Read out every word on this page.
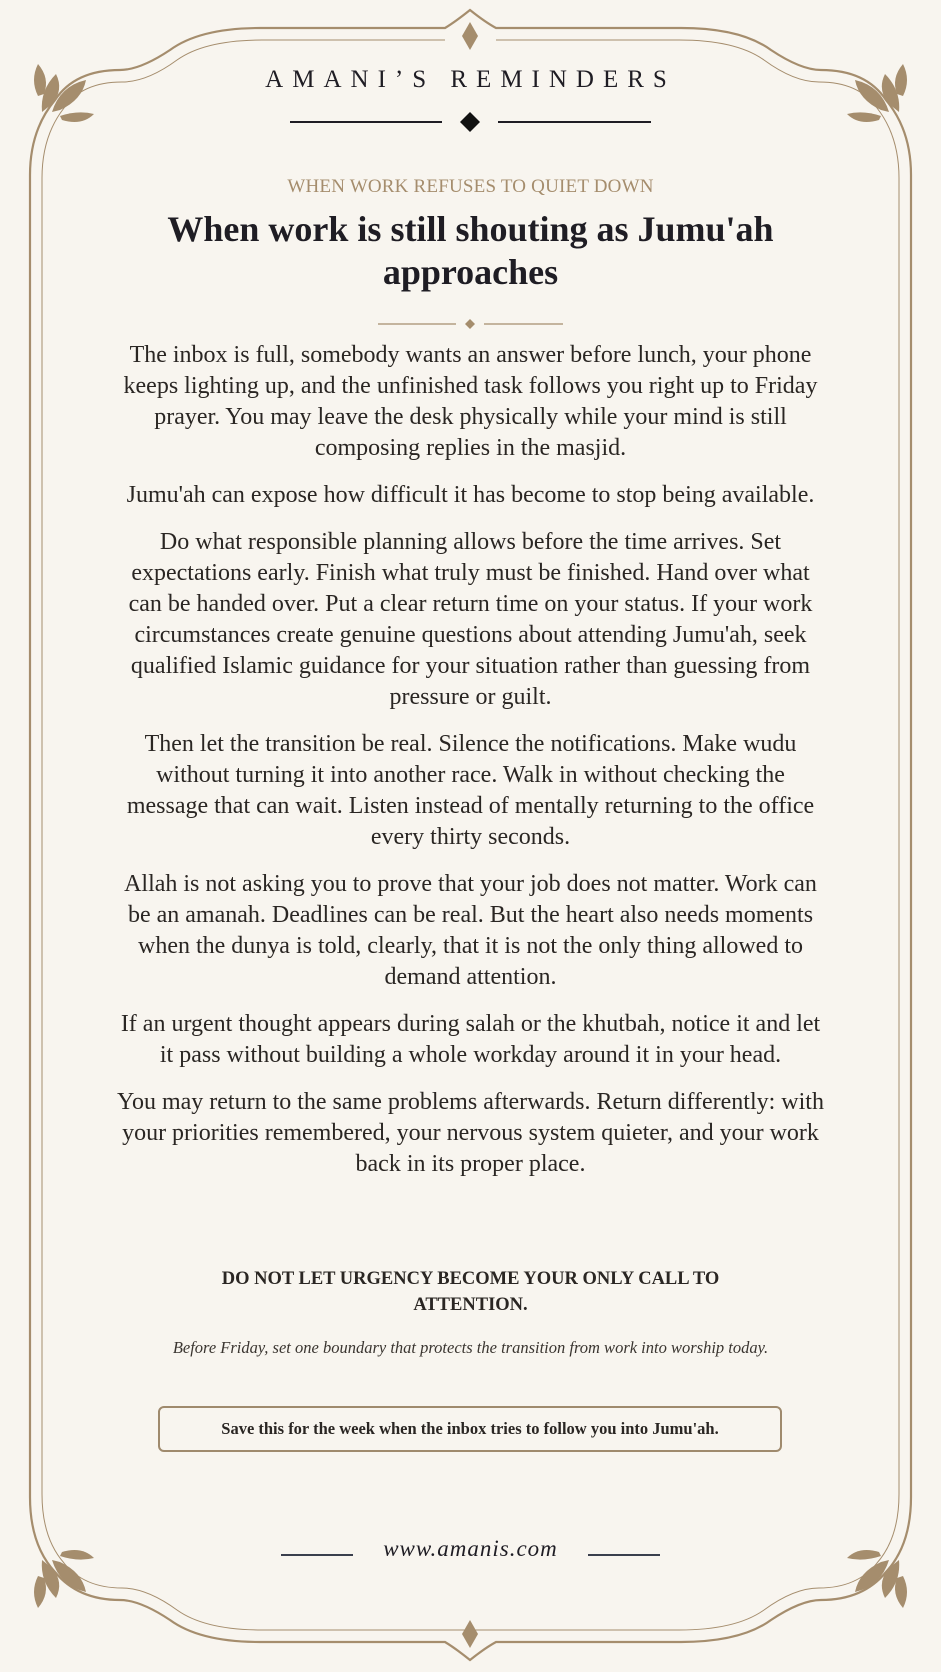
AMANI’S REMINDERS
WHEN WORK REFUSES TO QUIET DOWN
When work is still shouting as Jumu'ah approaches

The inbox is full, somebody wants an answer before lunch, your phone keeps lighting up, and the unfinished task follows you right up to Friday prayer. You may leave the desk physically while your mind is still composing replies in the masjid.

Jumu'ah can expose how difficult it has become to stop being available.

Do what responsible planning allows before the time arrives. Set expectations early. Finish what truly must be finished. Hand over what can be handed over. Put a clear return time on your status. If your work circumstances create genuine questions about attending Jumu'ah, seek qualified Islamic guidance for your situation rather than guessing from pressure or guilt.

Then let the transition be real. Silence the notifications. Make wudu without turning it into another race. Walk in without checking the message that can wait. Listen instead of mentally returning to the office every thirty seconds.

Allah is not asking you to prove that your job does not matter. Work can be an amanah. Deadlines can be real. But the heart also needs moments when the dunya is told, clearly, that it is not the only thing allowed to demand attention.

If an urgent thought appears during salah or the khutbah, notice it and let it pass without building a whole workday around it in your head.

You may return to the same problems afterwards. Return differently: with your priorities remembered, your nervous system quieter, and your work back in its proper place.

DO NOT LET URGENCY BECOME YOUR ONLY CALL TO ATTENTION.
Before Friday, set one boundary that protects the transition from work into worship today.
Save this for the week when the inbox tries to follow you into Jumu'ah.
www.amanis.com
